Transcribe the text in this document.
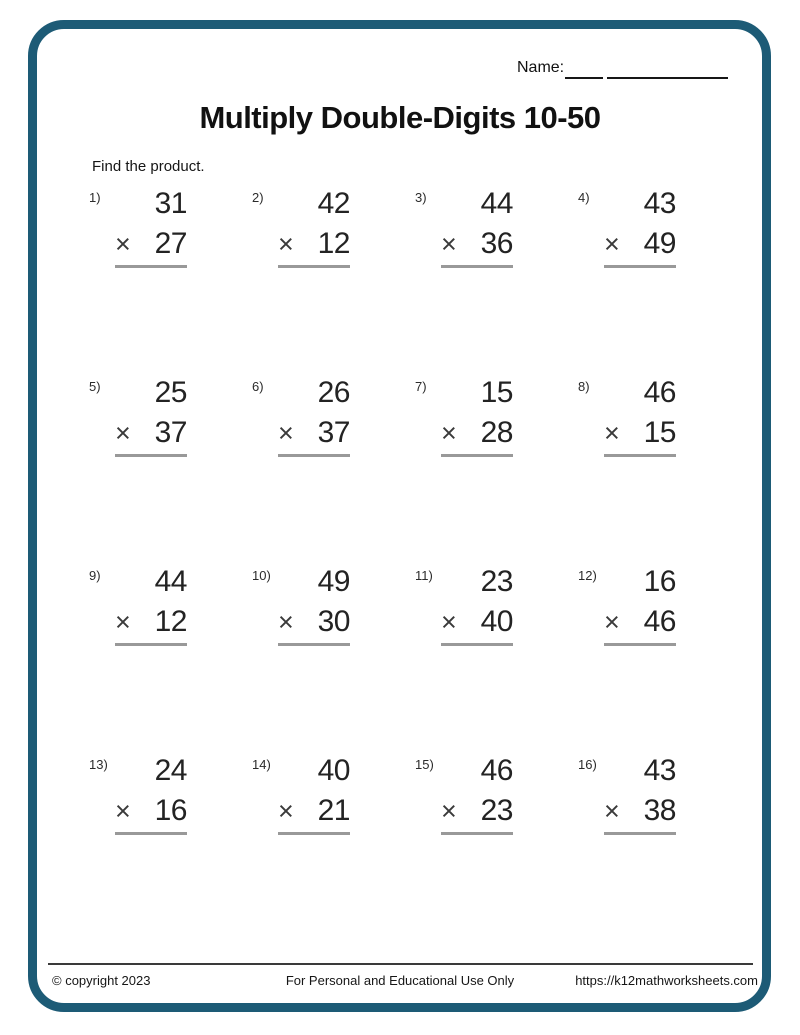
Name:
Multiply Double-Digits 10-50
Find the product.
1)	31
× 27
2)	42
× 12
3)	44
× 36
4)	43
× 49
5)	25
× 37
6)	26
× 37
7)	15
× 28
8)	46
× 15
9)	44
× 12
10)	49
× 30
11)	23
× 40
12)	16
× 46
13)	24
× 16
14)	40
× 21
15)	46
× 23
16)	43
× 38
© copyright 2023	For Personal and Educational Use Only	https://k12mathworksheets.com
